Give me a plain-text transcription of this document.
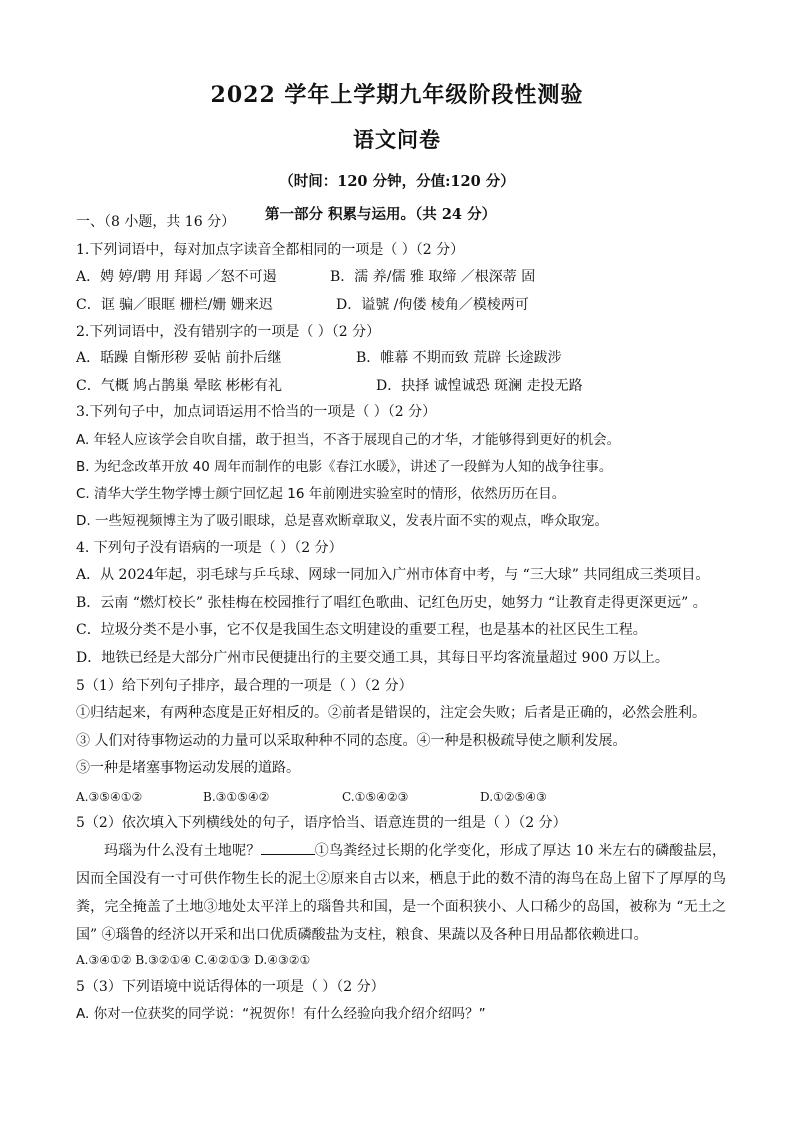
2022 学年上学期九年级阶段性测验
语文问卷
（时间：120 分钟，分值:120 分）
第一部分 积累与运用。（共 24 分）
一、（8 小题，共 16 分）
1.下列词语中，每对加点字读音全都相同的一项是（ ）（2 分）
A．娉 婷/聘 用 拜谒 ／怒不可遏	B．濡 养/儒 雅 取缔 ／根深蒂 固
C．诓 骗／眼眶 栅栏/姗 姗来迟	D．谥號 /佝偻 棱角／模棱两可
2.下列词语中，没有错别字的一项是（ ）（2 分）
A．聒躁 自惭形秽 妥帖 前扑后继	B．帷幕 不期而致 荒辟 长途跋涉
C．气概 鸠占鹊巢 晕眩 彬彬有礼	D．抉择 诚惶诚恐 斑澜 走投无路
3.下列句子中，加点词语运用不恰当的一项是（ ）（2 分）
A. 年轻人应该学会自吹自擂，敢于担当，不吝于展现自己的才华，才能够得到更好的机会。
B. 为纪念改革开放 40 周年而制作的电影《春江水暖》，讲述了一段鲜为人知的战争往事。
C. 清华大学生物学博士颜宁回忆起 16 年前刚进实验室时的情形，依然历历在目。
D. 一些短视频博主为了吸引眼球，总是喜欢断章取义，发表片面不实的观点，哗众取宠。
4. 下列句子没有语病的一项是（ ）（2 分）
A．从 2024年起，羽毛球与乒乓球、网球一同加入广州市体育中考，与 “三大球” 共同组成三类项目。
B．云南 “燃灯校长” 张桂梅在校园推行了唱红色歌曲、记红色历史，她努力 “让教育走得更深更远” 。
C．垃圾分类不是小事，它不仅是我国生态文明建设的重要工程，也是基本的社区民生工程。
D．地铁已经是大部分广州市民便捷出行的主要交通工具，其每日平均客流量超过 900 万以上。
5（1）给下列句子排序，最合理的一项是（ ）（2 分）
①归结起来，有两种态度是正好相反的。②前者是错误的，注定会失败；后者是正确的，必然会胜利。
③ 人们对待事物运动的力量可以采取种种不同的态度。④一种是积极疏导使之顺利发展。
⑤一种是堵塞事物运动发展的道路。
A.③⑤④①②	B.③①⑤④②	C.①⑤④②③	D.①②⑤④③
5（2）依次填入下列横线处的句子，语序恰当、语意连贯的一组是（ ）（2 分）
玛瑙为什么没有土地呢？	①鸟粪经过长期的化学变化，形成了厚达 10 米左右的磷酸盐层，因而全国没有一寸可供作物生长的泥土②原来自古以来，栖息于此的数不清的海鸟在岛上留下了厚厚的鸟粪，完全掩盖了土地③地处太平洋上的瑙鲁共和国，是一个面积狭小、人口稀少的岛国，被称为 “无土之国” ④瑙鲁的经济以开采和出口优质磷酸盐为支柱，粮食、果蔬以及各种日用品都依赖进口。
A.③④①② B.③②①④ C.④②①③ D.④③②①
5（3）下列语境中说话得体的一项是（ ）（2 分）
A. 你对一位获奖的同学说：“祝贺你！有什么经验向我介绍介绍吗？”
